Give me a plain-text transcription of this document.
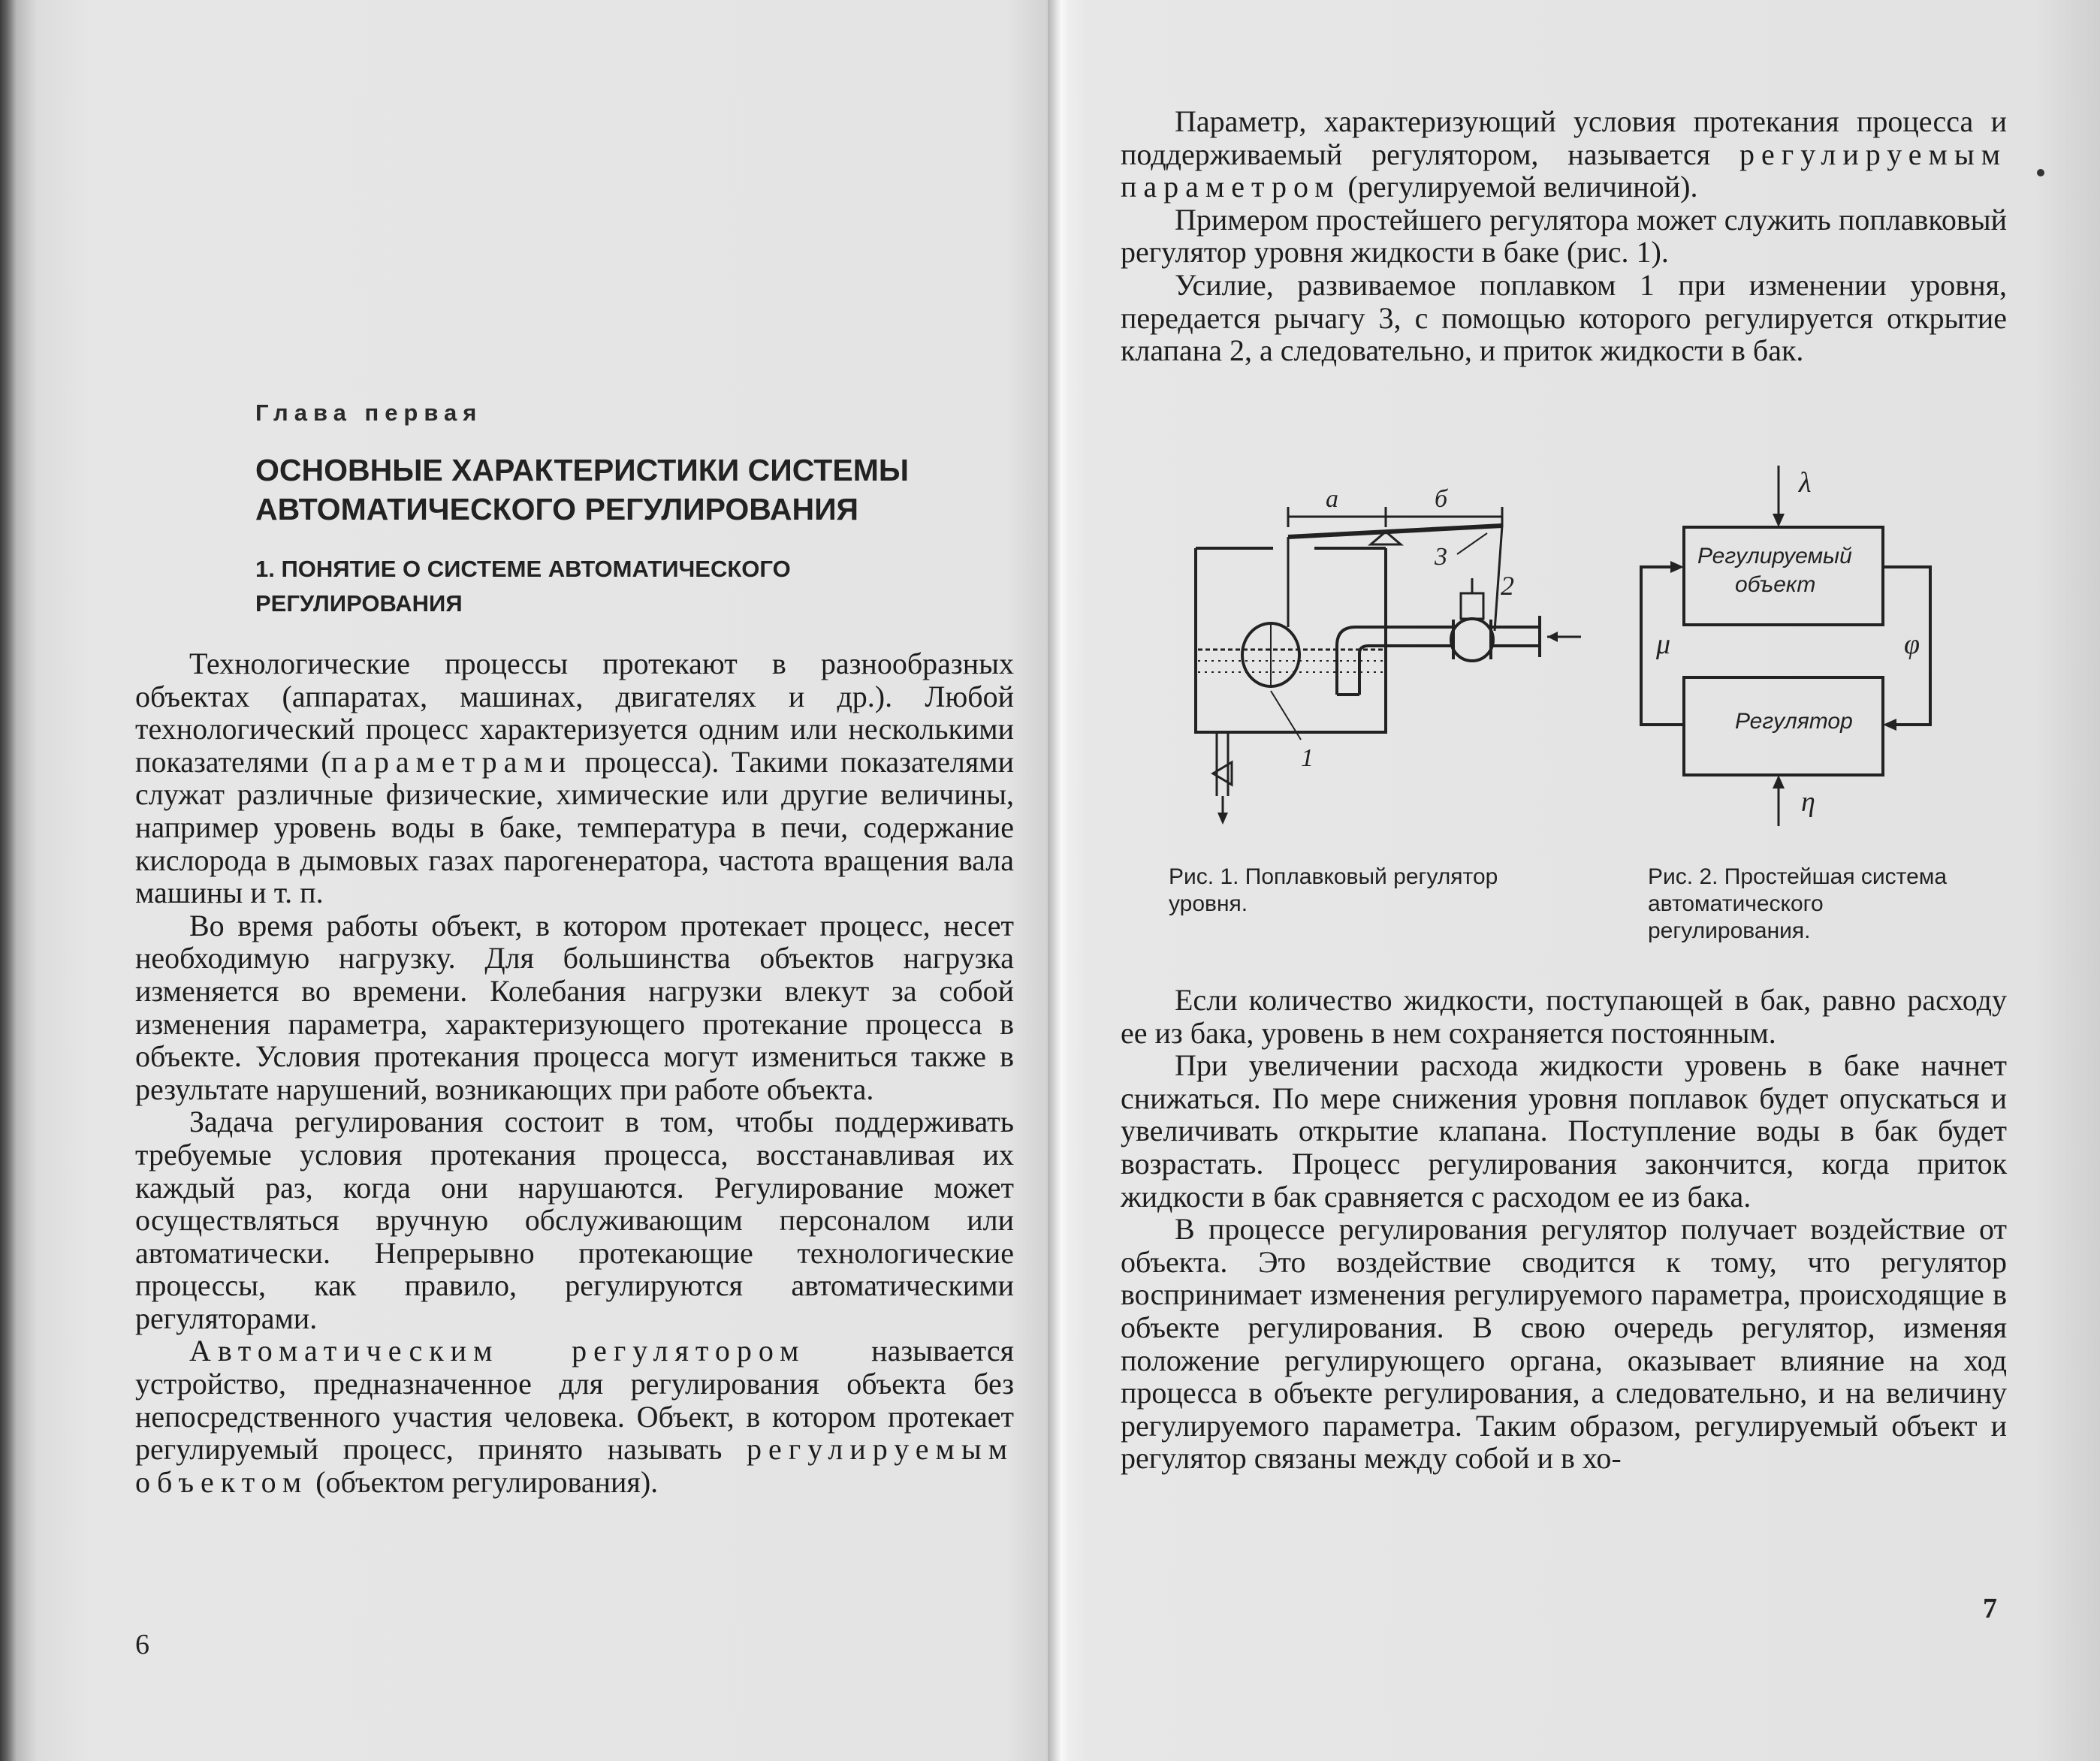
Глава первая
ОСНОВНЫЕ ХАРАКТЕРИСТИКИ СИСТЕМЫ АВТОМАТИЧЕСКОГО РЕГУЛИРОВАНИЯ
1. ПОНЯТИЕ О СИСТЕМЕ АВТОМАТИЧЕСКОГО РЕГУЛИРОВАНИЯ

Технологические процессы протекают в разнообразных объектах (аппаратах, машинах, двигателях и др.). Любой технологический процесс характеризуется одним или несколькими показателями (параметрами процесса). Такими показателями служат различные физические, химические или другие величины, например уровень воды в баке, температура в печи, содержание кислорода в дымовых газах парогенератора, частота вращения вала машины и т. п.

Во время работы объект, в котором протекает процесс, несет необходимую нагрузку. Для большинства объектов нагрузка изменяется во времени. Колебания нагрузки влекут за собой изменения параметра, характеризующего протекание процесса в объекте. Условия протекания процесса могут измениться также в результате нарушений, возникающих при работе объекта.

Задача регулирования состоит в том, чтобы поддерживать требуемые условия протекания процесса, восстанавливая их каждый раз, когда они нарушаются. Регулирование может осуществляться вручную обслуживающим персоналом или автоматически. Непрерывно протекающие технологические процессы, как правило, регулируются автоматическими регуляторами.

Автоматическим регулятором называется устройство, предназначенное для регулирования объекта без непосредственного участия человека. Объект, в котором протекает регулируемый процесс, принято называть регулируемым объектом (объектом регулирования).

6

Параметр, характеризующий условия протекания процесса и поддерживаемый регулятором, называется регулируемым параметром (регулируемой величиной).

Примером простейшего регулятора может служить поплавковый регулятор уровня жидкости в баке (рис. 1).

Усилие, развиваемое поплавком 1 при изменении уровня, передается рычагу 3, с помощью которого регулируется открытие клапана 2, а следовательно, и приток жидкости в бак.

а	б
3
1
2
λ
Регулируемый
объект
Регулятор
φ
μ
η
Рис. 1. Поплавковый регулятор уровня.
Рис. 2. Простейшая система автоматического регулирования.

Если количество жидкости, поступающей в бак, равно расходу ее из бака, уровень в нем сохраняется постоянным.

При увеличении расхода жидкости уровень в баке начнет снижаться. По мере снижения уровня поплавок будет опускаться и увеличивать открытие клапана. Поступление воды в бак будет возрастать. Процесс регулирования закончится, когда приток жидкости в бак сравняется с расходом ее из бака.

В процессе регулирования регулятор получает воздействие от объекта. Это воздействие сводится к тому, что регулятор воспринимает изменения регулируемого параметра, происходящие в объекте регулирования. В свою очередь регулятор, изменяя положение регулирующего органа, оказывает влияние на ход процесса в объекте регулирования, а следовательно, и на величину регулируемого параметра. Таким образом, регулируемый объект и регулятор связаны между собой и в хо-

7
